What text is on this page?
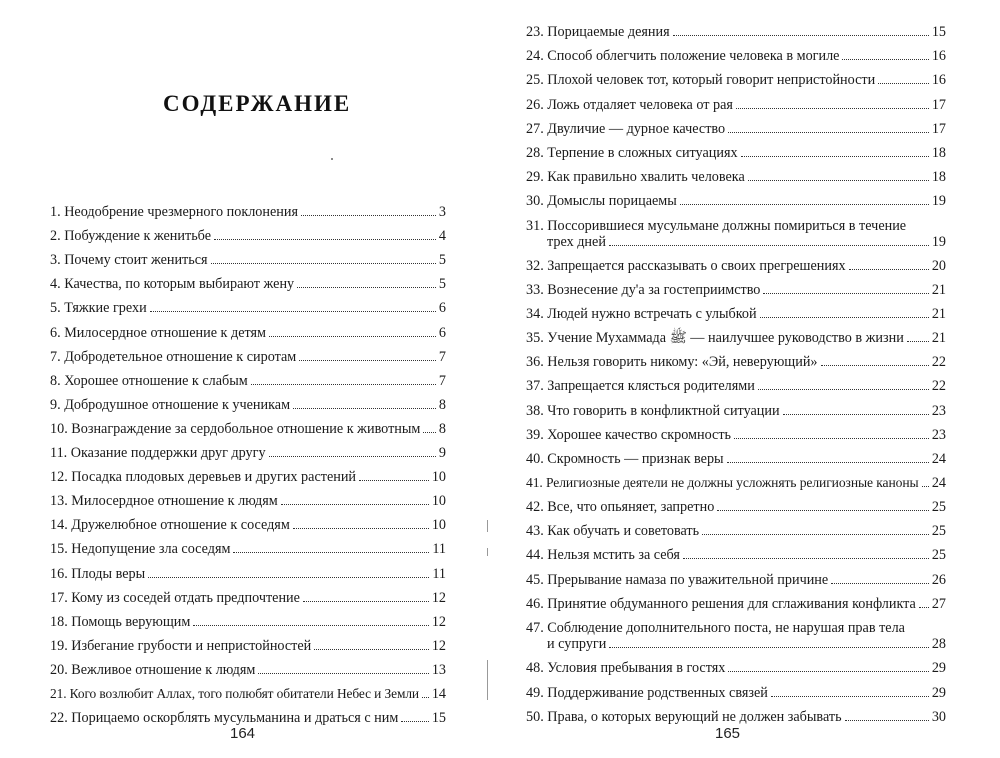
СОДЕРЖАНИЕ
1. Неодобрение чрезмерного поклонения	3
2. Побуждение к женитьбе	4
3. Почему стоит жениться	5
4. Качества, по которым выбирают жену	5
5. Тяжкие грехи	6
6. Милосердное отношение к детям	6
7. Добродетельное отношение к сиротам	7
8. Хорошее отношение к слабым	7
9. Добродушное отношение к ученикам	8
10. Вознаграждение за сердобольное отношение к животным 8
11. Оказание поддержки друг другу	9
12. Посадка плодовых деревьев и других растений	10
13. Милосердное отношение к людям	10
14. Дружелюбное отношение к соседям	10
15. Недопущение зла соседям	11
16. Плоды веры	11
17. Кому из соседей отдать предпочтение	12
18. Помощь верующим	12
19. Избегание грубости и непристойностей	12
20. Вежливое отношение к людям	13
21. Кого возлюбит Аллах, того полюбят обитатели Небес и Земли 14
22. Порицаемо оскорблять мусульманина и драться с ним 15
164
23. Порицаемые деяния	15
24. Способ облегчить положение человека в могиле	16
25. Плохой человек тот, который говорит непристойности	16
26. Ложь отдаляет человека от рая	17
27. Двуличие — дурное качество	17
28. Терпение в сложных ситуациях	18
29. Как правильно хвалить человека	18
30. Домыслы порицаемы	19
31. Поссорившиеся мусульмане должны помириться в течение
трех дней	19
32. Запрещается рассказывать о своих прегрешениях	20
33. Вознесение ду'а за гостеприимство	21
34. Людей нужно встречать с улыбкой	21
35. Учение Мухаммада ﷺ — наилучшее руководство в жизни 21
36. Нельзя говорить никому: «Эй, неверующий»	22
37. Запрещается клясться родителями	22
38. Что говорить в конфликтной ситуации	23
39. Хорошее качество скромность	23
40. Скромность — признак веры	24
41. Религиозные деятели не должны усложнять религиозные каноны 24
42. Все, что опьяняет, запретно	25
43. Как обучать и советовать	25
44. Нельзя мстить за себя	25
45. Прерывание намаза по уважительной причине	26
46. Принятие обдуманного решения для сглаживания конфликта 27
47. Соблюдение дополнительного поста, не нарушая прав тела
и супруги	28
48. Условия пребывания в гостях	29
49. Поддерживание родственных связей	29
50. Права, о которых верующий не должен забывать	30
165
